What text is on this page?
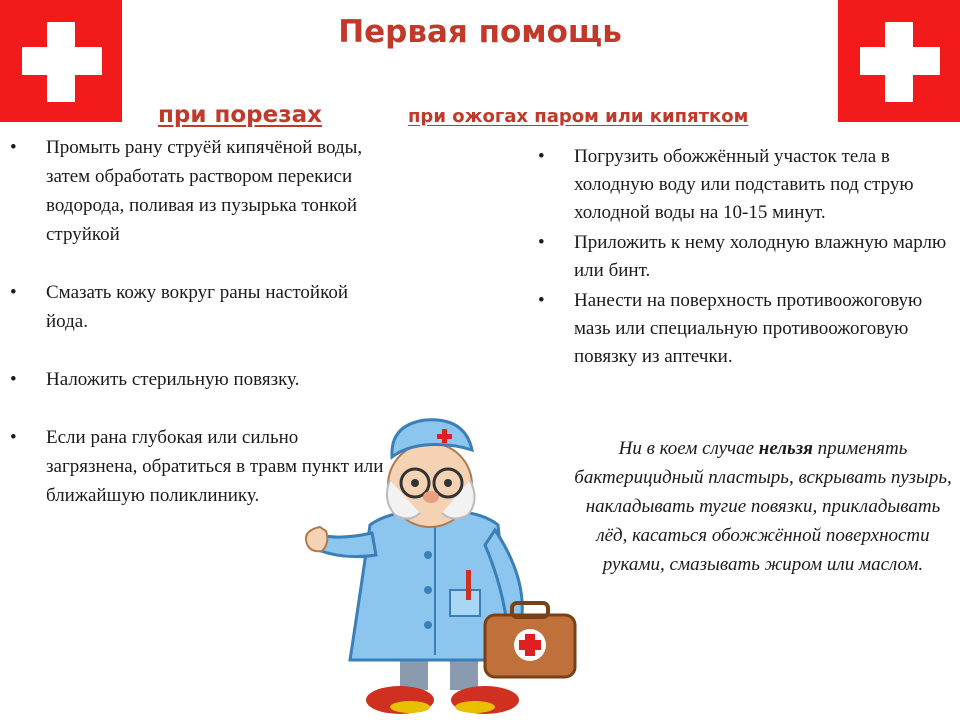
Первая помощь
при порезах	при ожогах паром или кипятком
• Промыть рану струёй кипячёной воды, затем обработать раствором перекиси водорода, поливая из пузырька тонкой струйкой
• Смазать кожу вокруг раны настойкой йода.
• Наложить стерильную повязку.
• Если рана глубокая или сильно загрязнена, обратиться в травм пункт или ближайшую поликлинику.
• Погрузить обожжённый участок тела в холодную воду или подставить под струю холодной воды на 10-15 минут.
• Приложить к нему холодную влажную марлю или бинт.
• Нанести на поверхность противоожоговую мазь или специальную противоожоговую повязку из аптечки.

Ни в коем случае нельзя применять бактерицидный пластырь, вскрывать пузырь, накладывать тугие повязки, прикладывать лёд, касаться обожжённой поверхности руками, смазывать жиром или маслом.
